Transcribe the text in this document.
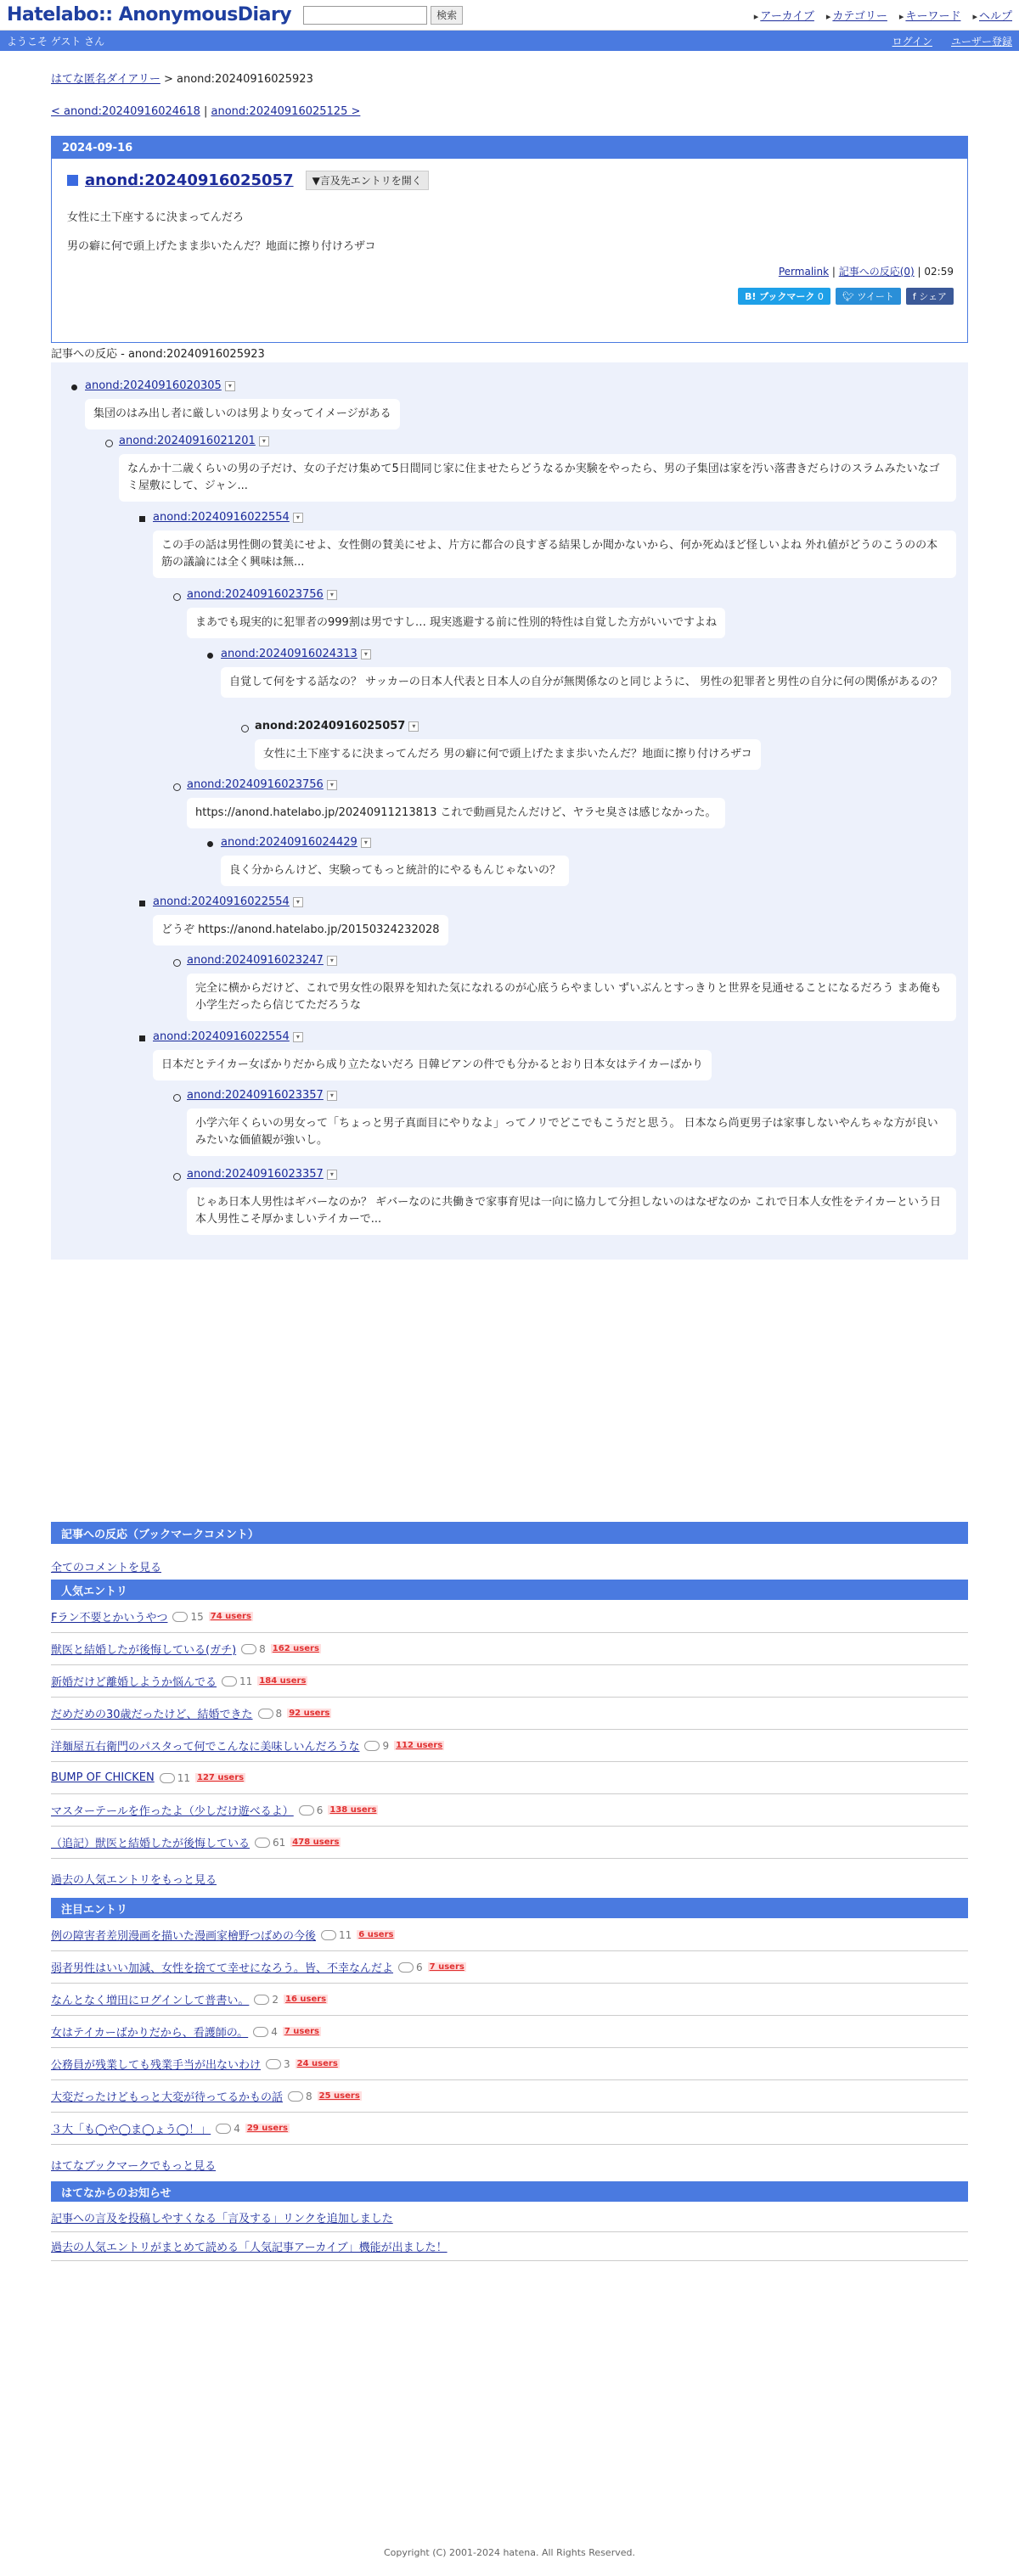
Hatelabo:: AnonymousDiary	検索	▸ アーカイブ	▸ カテゴリー	▸ キーワード	▸ ヘルプ
ようこそ ゲスト さん	ログイン ユーザー登録
はてな匿名ダイアリー > anond:20240916025923
< anond:20240916024618 | anond:20240916025125 >
2024-09-16
anond:20240916025057	▼言及先エントリを開く

女性に土下座するに決まってんだろ

男の癖に何で頭上げたまま歩いたんだ？地面に擦り付けろザコ

Permalink | 記事への反応(0) | 02:59
B! ブックマーク 0	🐦︎ ツイート	f シェア
記事への反応 - anond:20240916025923
anond:20240916020305 ▾
集団のはみ出し者に厳しいのは男より女ってイメージがある
anond:20240916021201 ▾
なんか十二歳くらいの男の子だけ、女の子だけ集めて5日間同じ家に住ませたらどうなるか実験をやったら、男の子集団は家を汚い落書きだらけのスラムみたいなゴミ屋敷にして、ジャン...
anond:20240916022554 ▾
この手の話は男性側の賛美にせよ、女性側の賛美にせよ、片方に都合の良すぎる結果しか聞かないから、何か死ぬほど怪しいよね 外れ値がどうのこうのの本筋の議論には全く興味は無...
anond:20240916023756 ▾
まあでも現実的に犯罪者の999割は男ですし… 現実逃避する前に性別的特性は自覚した方がいいですよね
anond:20240916024313 ▾
自覚して何をする話なの？ サッカーの日本人代表と日本人の自分が無関係なのと同じように、 男性の犯罪者と男性の自分に何の関係があるの？
anond:20240916025057 ▾
女性に土下座するに決まってんだろ 男の癖に何で頭上げたまま歩いたんだ？地面に擦り付けろザコ
anond:20240916023756 ▾
https://anond.hatelabo.jp/20240911213813 これで動画見たんだけど、ヤラセ臭さは感じなかった。
anond:20240916024429 ▾
良く分からんけど、実験ってもっと統計的にやるもんじゃないの？
anond:20240916022554 ▾
どうぞ https://anond.hatelabo.jp/20150324232028
anond:20240916023247 ▾
完全に横からだけど、これで男女性の限界を知れた気になれるのが心底うらやましい ずいぶんとすっきりと世界を見通せることになるだろう まあ俺も小学生だったら信じてただろうな
anond:20240916022554 ▾
日本だとテイカー女ばかりだから成り立たないだろ 日韓ビアンの件でも分かるとおり日本女はテイカーばかり
anond:20240916023357 ▾
小学六年くらいの男女って「ちょっと男子真面目にやりなよ」ってノリでどこでもこうだと思う。 日本なら尚更男子は家事しないやんちゃな方が良いみたいな価値観が強いし。
anond:20240916023357 ▾
じゃあ日本人男性はギバーなのか？ ギバーなのに共働きで家事育児は一向に協力して分担しないのはなぜなのか これで日本人女性をテイカーという日本人男性こそ厚かましいテイカーで...
記事への反応（ブックマークコメント）
全てのコメントを見る
人気エントリ
Fラン不要とかいうやつ 15 74 users
獣医と結婚したが後悔している(ガチ) 8 162 users
新婚だけど離婚しようか悩んでる 11 184 users
だめだめの30歳だったけど、結婚できた 8 92 users
洋麺屋五右衛門のパスタって何でこんなに美味しいんだろうな 9 112 users
BUMP OF CHICKEN 11 127 users
マスターテールを作ったよ（少しだけ遊べるよ） 6 138 users
（追記）獣医と結婚したが後悔している 61 478 users
過去の人気エントリをもっと見る
注目エントリ
例の障害者差別漫画を描いた漫画家檜野つばめの今後 11 6 users
弱者男性はいい加減、女性を捨てて幸せになろう。皆、不幸なんだよ 6 7 users
なんとなく増田にログインして普書い。 2 16 users
女はテイカーばかりだから、看護師の。 4 7 users
公務員が残業しても残業手当が出ないわけ 3 24 users
大変だったけどもっと大変が待ってるかもの話 8 25 users
３大「も◯や◯ま◯ょう◯！」 4 29 users
はてなブックマークでもっと見る
はてなからのお知らせ
記事への言及を投稿しやすくなる「言及する」リンクを追加しました
過去の人気エントリがまとめて読める「人気記事アーカイブ」機能が出ました！
Copyright (C) 2001-2024 hatena. All Rights Reserved.
